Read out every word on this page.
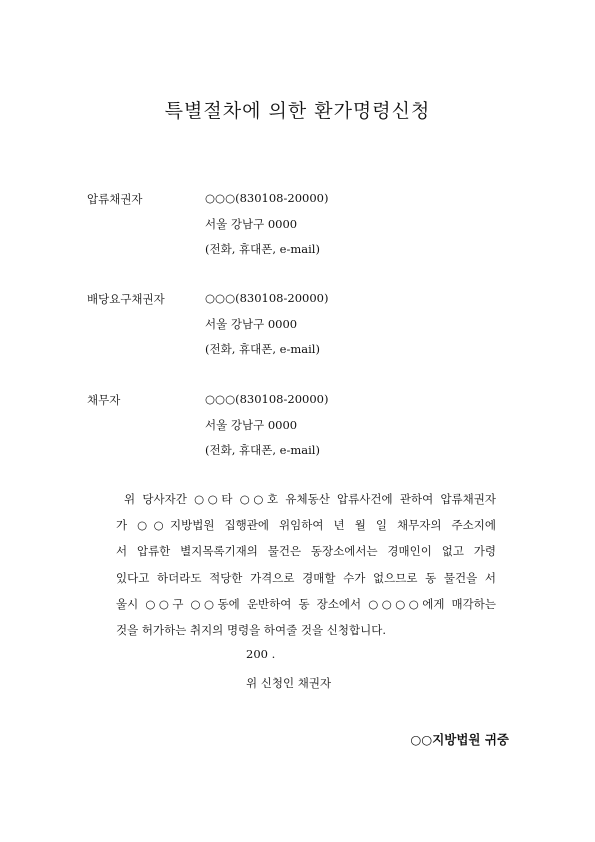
특별절차에 의한 환가명령신청
압류채권자	○○○(830108-20000)
서울 강남구 0000
(전화, 휴대폰, e-mail)
배당요구채권자	○○○(830108-20000)
서울 강남구 0000
(전화, 휴대폰, e-mail)
채무자	○○○(830108-20000)
서울 강남구 0000
(전화, 휴대폰, e-mail)
위 당사자간 ○○타 ○○호 유체동산 압류사건에 관하여 압류채권자
가 ○○지방법원 집행관에 위임하여 년 월 일 채무자의 주소지에
서 압류한 별지목록기재의 물건은 동장소에서는 경매인이 없고 가령
있다고 하더라도 적당한 가격으로 경매할 수가 없으므로 동 물건을 서
울시 ○○구 ○○동에 운반하여 동 장소에서 ○○○○에게 매각하는
것을 허가하는 취지의 명령을 하여줄 것을 신청합니다.
200 .
위 신청인 채권자
○○지방법원 귀중
